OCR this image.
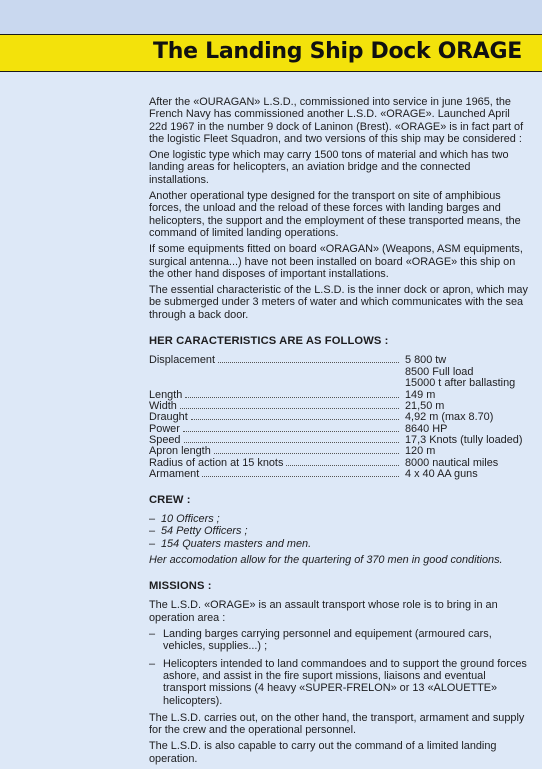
The Landing Ship Dock ORAGE

After the «OURAGAN» L.S.D., commissioned into service in june 1965, the French Navy has commissioned another L.S.D. «ORAGE». Launched April 22d 1967 in the number 9 dock of Laninon (Brest). «ORAGE» is in fact part of the logistic Fleet Squadron, and two versions of this ship may be considered :

One logistic type which may carry 1500 tons of material and which has two landing areas for helicopters, an aviation bridge and the connected installations.

Another operational type designed for the transport on site of amphibious forces, the unload and the reload of these forces with landing barges and helicopters, the support and the employment of these transported means, the command of limited landing operations.

If some equipments fitted on board «ORAGAN» (Weapons, ASM equipments, surgical antenna...) have not been installed on board «ORAGE» this ship on the other hand disposes of important installations.

The essential characteristic of the L.S.D. is the inner dock or apron, which may be submerged under 3 meters of water and which communicates with the sea through a back door.

HER CARACTERISTICS ARE AS FOLLOWS :
Displacement	5 800 tw
8500 Full load
15000 t after ballasting
Length	149 m
Width	21,50 m
Draught	4,92 m (max 8.70)
Power	8640 HP
Speed	17,3 Knots (tully loaded)
Apron length	120 m
Radius of action at 15 knots	8000 nautical miles
Armament	4 x 40 AA guns
CREW :
– 10 Officers ;
– 54 Petty Officers ;
– 154 Quaters masters and men.

Her accomodation allow for the quartering of 370 men in good conditions.

MISSIONS :

The L.S.D. «ORAGE» is an assault transport whose role is to bring in an operation area :

– Landing barges carrying personnel and equipement (armoured cars, vehicles, supplies...) ;
– Helicopters intended to land commandoes and to support the ground forces ashore, and assist in the fire suport missions, liaisons and eventual transport missions (4 heavy «SUPER-FRELON» or 13 «ALOUETTE» helicopters).

The L.S.D. carries out, on the other hand, the transport, armament and supply for the crew and the operational personnel.

The L.S.D. is also capable to carry out the command of a limited landing operation.
